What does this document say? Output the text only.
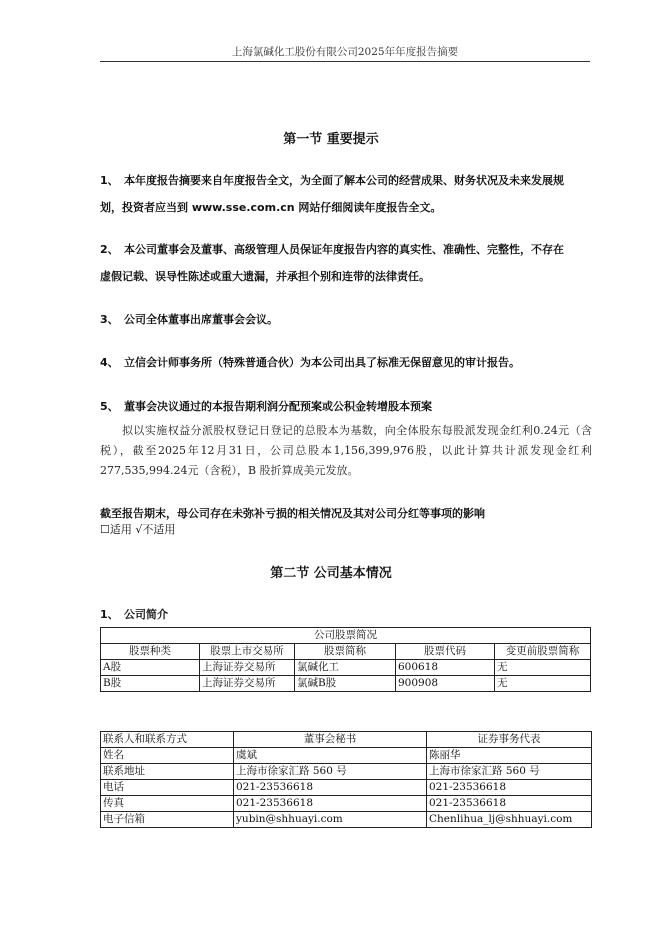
上海氯碱化工股份有限公司2025年年度报告摘要
第一节 重要提示
1、 本年度报告摘要来自年度报告全文，为全面了解本公司的经营成果、财务状况及未来发展规
划，投资者应当到 www.sse.com.cn 网站仔细阅读年度报告全文。
2、 本公司董事会及董事、高级管理人员保证年度报告内容的真实性、准确性、完整性，不存在
虚假记载、误导性陈述或重大遗漏，并承担个别和连带的法律责任。
3、 公司全体董事出席董事会会议。
4、 立信会计师事务所（特殊普通合伙）为本公司出具了标准无保留意见的审计报告。
5、 董事会决议通过的本报告期利润分配预案或公积金转增股本预案
拟以实施权益分派股权登记日登记的总股本为基数，向全体股东每股派发现金红利0.24元（含税），截至2025年12月31日，公司总股本1,156,399,976股，以此计算共计派发现金红利277,535,994.24元（含税），B 股折算成美元发放。
截至报告期末，母公司存在未弥补亏损的相关情况及其对公司分红等事项的影响
☐适用 √不适用
第二节 公司基本情况
1、 公司简介
公司股票简况				
股票种类	股票上市交易所	股票简称	股票代码	变更前股票简称
A股	上海证券交易所	氯碱化工	600618	无
B股	上海证券交易所	氯碱B股	900908	无
联系人和联系方式	董事会秘书	证券事务代表
姓名	虞斌	陈丽华
联系地址	上海市徐家汇路 560 号	上海市徐家汇路 560 号
电话	021-23536618	021-23536618
传真	021-23536618	021-23536618
电子信箱	yubin@shhuayi.com	Chenlihua_lj@shhuayi.com
